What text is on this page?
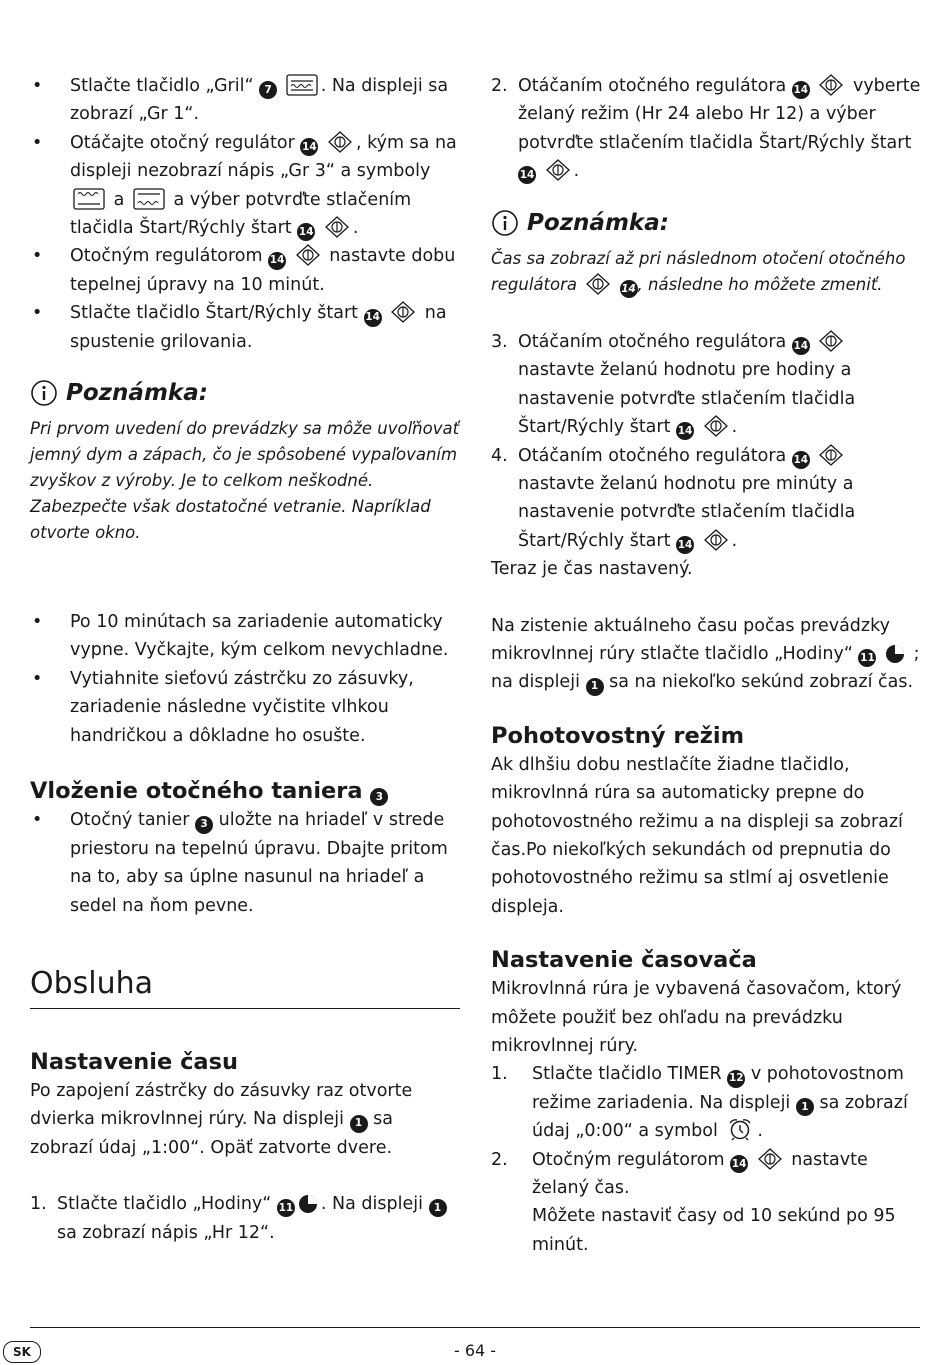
• Stlačte tlačidlo „Gril“ 7	. Na displeji sa zobrazí „Gr 1“.

• Otáčajte otočný regulátor 14 , kým sa na displeji nezobrazí nápis „Gr 3“ a symboly  a	a výber potvrďte stlačením tlačidla Štart/Rýchly štart 14 .

• Otočným regulátorom 14	nastavte dobu tepelnej úpravy na 10 minút.

• Stlačte tlačidlo Štart/Rýchly štart 14	na spustenie grilovania.

Poznámka:

Pri prvom uvedení do prevádzky sa môže uvoľňovať jemný dym a zápach, čo je spôsobené vypaľovaním zvyškov z výroby. Je to celkom neškodné. Zabezpečte však dostatočné vetranie. Napríklad otvorte okno.

• Po 10 minútach sa zariadenie automaticky vypne. Vyčkajte, kým celkom nevychladne.

• Vytiahnite sieťovú zástrčku zo zásuvky, zariadenie následne vyčistite vlhkou handričkou a dôkladne ho osušte.

Vloženie otočného taniera 3

• Otočný tanier 3 uložte na hriadeľ v strede priestoru na tepelnú úpravu. Dbajte pritom na to, aby sa úplne nasunul na hriadeľ a sedel na ňom pevne.

Obsluha
Nastavenie času

Po zapojení zástrčky do zásuvky raz otvorte dvierka mikrovlnnej rúry. Na displeji 1 sa zobrazí údaj „1:00“. Opäť zatvorte dvere.

1. Stlačte tlačidlo „Hodiny“ 11 . Na displeji 1 sa zobrazí nápis „Hr 12“.

2. Otáčaním otočného regulátora 14	vyberte želaný režim (Hr 24 alebo Hr 12) a výber potvrďte stlačením tlačidla Štart/Rýchly štart 14 .

Poznámka:

Čas sa zobrazí až pri následnom otočení otočného regulátora	14 , následne ho môžete zmeniť.

3. Otáčaním otočného regulátora 14  nastavte želanú hodnotu pre hodiny a nastavenie potvrďte stlačením tlačidla Štart/Rýchly štart 14 .

4. Otáčaním otočného regulátora 14  nastavte želanú hodnotu pre minúty a nastavenie potvrďte stlačením tlačidla Štart/Rýchly štart 14 .

Teraz je čas nastavený.

Na zistenie aktuálneho času počas prevádzky mikrovlnnej rúry stlačte tlačidlo „Hodiny“ 11 ; na displeji 1 sa na niekoľko sekúnd zobrazí čas.

Pohotovostný režim

Ak dlhšiu dobu nestlačíte žiadne tlačidlo, mikrovlnná rúra sa automaticky prepne do pohotovostného režimu a na displeji sa zobrazí čas.Po niekoľkých sekundách od prepnutia do pohotovostného režimu sa stlmí aj osvetlenie displeja.

Nastavenie časovača

Mikrovlnná rúra je vybavená časovačom, ktorý môžete použiť bez ohľadu na prevádzku mikrovlnnej rúry.

1. Stlačte tlačidlo TIMER 12 v pohotovostnom režime zariadenia. Na displeji 1 sa zobrazí údaj „0:00“ a symbol .

2. Otočným regulátorom 14	nastavte želaný čas.

Môžete nastaviť časy od 10 sekúnd po 95 minút.

SK	- 64 -
